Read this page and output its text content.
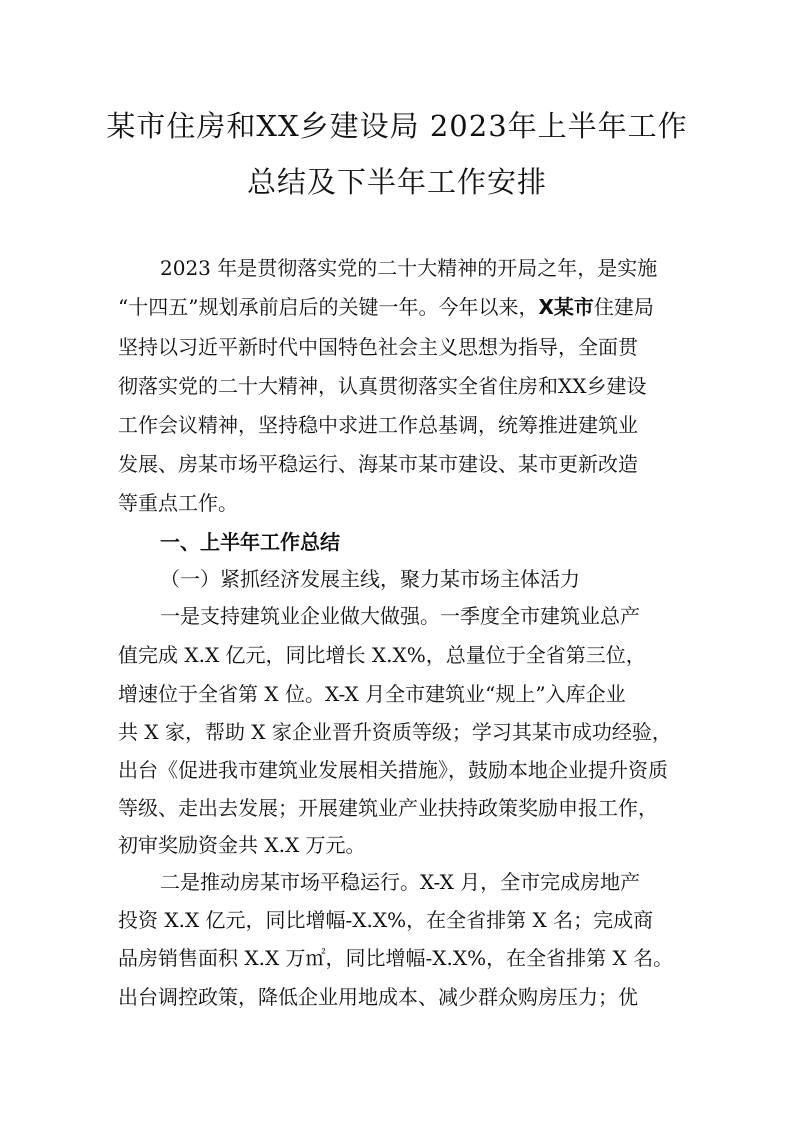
某市住房和XX乡建设局 2023年上半年工作
总结及下半年工作安排
2023 年是贯彻落实党的二十大精神的开局之年，是实施
“十四五”规划承前启后的关键一年。今年以来，X某市住建局
坚持以习近平新时代中国特色社会主义思想为指导，全面贯
彻落实党的二十大精神，认真贯彻落实全省住房和XX乡建设
工作会议精神，坚持稳中求进工作总基调，统筹推进建筑业
发展、房某市场平稳运行、海某市某市建设、某市更新改造
等重点工作。
一、上半年工作总结
（一）紧抓经济发展主线，聚力某市场主体活力
一是支持建筑业企业做大做强。一季度全市建筑业总产
值完成 X.X 亿元，同比增长 X.X%，总量位于全省第三位，
增速位于全省第 X 位。X-X 月全市建筑业“规上”入库企业
共 X 家，帮助 X 家企业晋升资质等级；学习其某市成功经验，
出台《促进我市建筑业发展相关措施》，鼓励本地企业提升资质
等级、走出去发展；开展建筑业产业扶持政策奖励申报工作，
初审奖励资金共 X.X 万元。
二是推动房某市场平稳运行。X-X 月，全市完成房地产
投资 X.X 亿元，同比增幅-X.X%，在全省排第 X 名；完成商
品房销售面积 X.X 万㎡，同比增幅-X.X%，在全省排第 X 名。
出台调控政策，降低企业用地成本、减少群众购房压力；优
